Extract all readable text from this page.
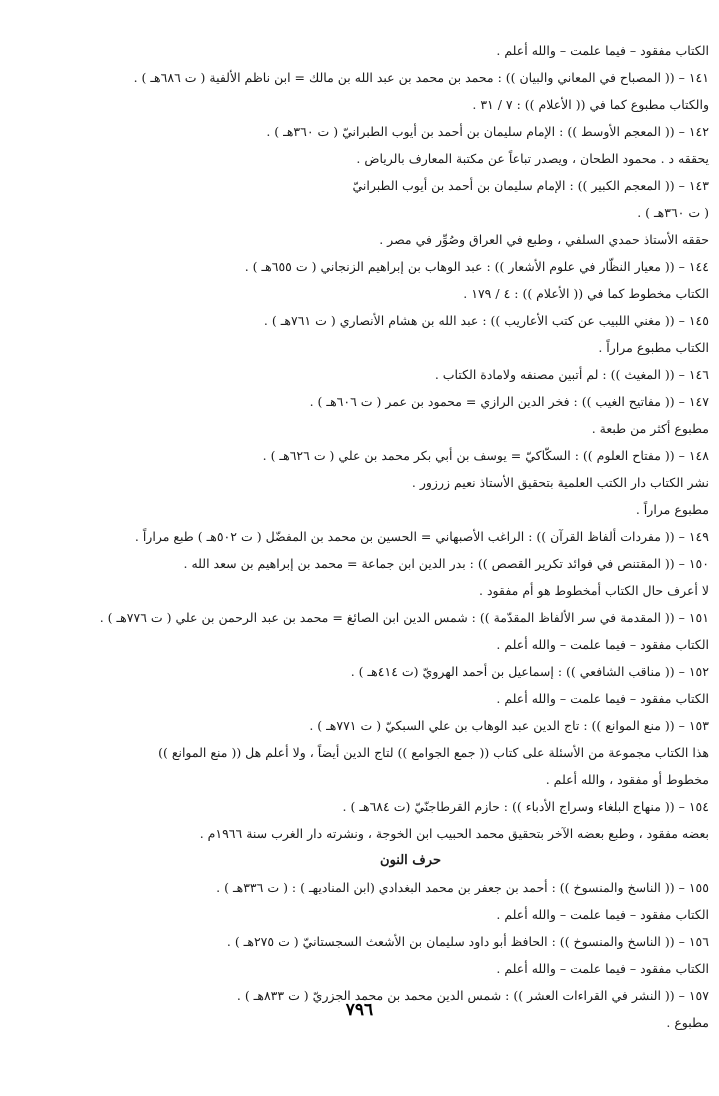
الكتاب مفقود – فيما علمت – والله أعلم .
١٤١ – (( المصباح في المعاني والبيان )) : محمد بن محمد بن عبد الله بن مالك = ابن ناظم الألفية ( ت ٦٨٦هـ ) .
والكتاب مطبوع كما في (( الأعلام )) : ٧ / ٣١ .
١٤٢ – (( المعجم الأوسط )) : الإمام سليمان بن أحمد بن أيوب الطبرانيّ ( ت ٣٦٠هـ ) .
يحققه د . محمود الطحان ، ويصدر تباعاً عن مكتبة المعارف بالرياض .
١٤٣ – (( المعجم الكبير )) : الإمام سليمان بن أحمد بن أيوب الطبرانيّ
( ت ٣٦٠هـ ) .
حققه الأستاذ حمدي السلفي ، وطبع في العراق وصُوِّر في مصر .
١٤٤ – (( معيار النظّار في علوم الأشعار )) : عبد الوهاب بن إبراهيم الزنجاني ( ت ٦٥٥هـ ) .
الكتاب مخطوط كما في (( الأعلام )) : ٤ / ١٧٩ .
١٤٥ – (( مغني اللبيب عن كتب الأعاريب )) : عبد الله بن هشام الأنصاري ( ت ٧٦١هـ ) .
الكتاب مطبوع مراراً .
١٤٦ – (( المغيث )) : لم أتبين مصنفه ولامادة الكتاب .
١٤٧ – (( مفاتيح الغيب )) : فخر الدين الرازي = محمود بن عمر ( ت ٦٠٦هـ ) .
مطبوع أكثر من طبعة .
١٤٨ – (( مفتاح العلوم )) : السكّاكيّ = يوسف بن أبي بكر محمد بن علي ( ت ٦٢٦هـ ) .
نشر الكتاب دار الكتب العلمية بتحقيق الأستاذ نعيم زرزور .
مطبوع مراراً .
١٤٩ – (( مفردات ألفاظ القرآن )) : الراغب الأصبهاني = الحسين بن محمد بن المفضّل ( ت ٥٠٢هـ ) طبع مراراً .
١٥٠ – (( المقتنص في فوائد تكرير القصص )) : بدر الدين ابن جماعة = محمد بن إبراهيم بن سعد الله .
لا أعرف حال الكتاب أمخطوط هو أم مفقود .
١٥١ – (( المقدمة في سر الألفاظ المقدّمة )) : شمس الدين ابن الصائغ = محمد بن عبد الرحمن بن علي ( ت ٧٧٦هـ ) .
الكتاب مفقود – فيما علمت – والله أعلم .
١٥٢ – (( مناقب الشافعي )) : إسماعيل بن أحمد الهرويّ (ت ٤١٤هـ ) .
الكتاب مفقود – فيما علمت – والله أعلم .
١٥٣ – (( منع الموانع )) : تاج الدين عبد الوهاب بن علي السبكيّ ( ت ٧٧١هـ ) .
هذا الكتاب مجموعة من الأسئلة على كتاب (( جمع الجوامع )) لتاج الدين أيضاً ، ولا أعلم هل (( منع الموانع ))
مخطوط أو مفقود ، والله أعلم .
١٥٤ – (( منهاج البلغاء وسراج الأدباء )) : حازم القرطاجنّيّ (ت ٦٨٤هـ ) .
بعضه مفقود ، وطبع بعضه الآخر بتحقيق محمد الحبيب ابن الخوجة ، ونشرته دار الغرب سنة ١٩٦٦م .
حرف النون
١٥٥ – (( الناسخ والمنسوخ )) : أحمد بن جعفر بن محمد البغدادي (ابن المناديهـ ) : ( ت ٣٣٦هـ ) .
الكتاب مفقود – فيما علمت – والله أعلم .
١٥٦ – (( الناسخ والمنسوخ )) : الحافظ أبو داود سليمان بن الأشعث السجستانيّ ( ت ٢٧٥هـ ) .
الكتاب مفقود – فيما علمت – والله أعلم .
١٥٧ – (( النشر في القراءات العشر )) : شمس الدين محمد بن محمد الجزريّ ( ت ٨٣٣هـ ) .
مطبوع .
٧٩٦
